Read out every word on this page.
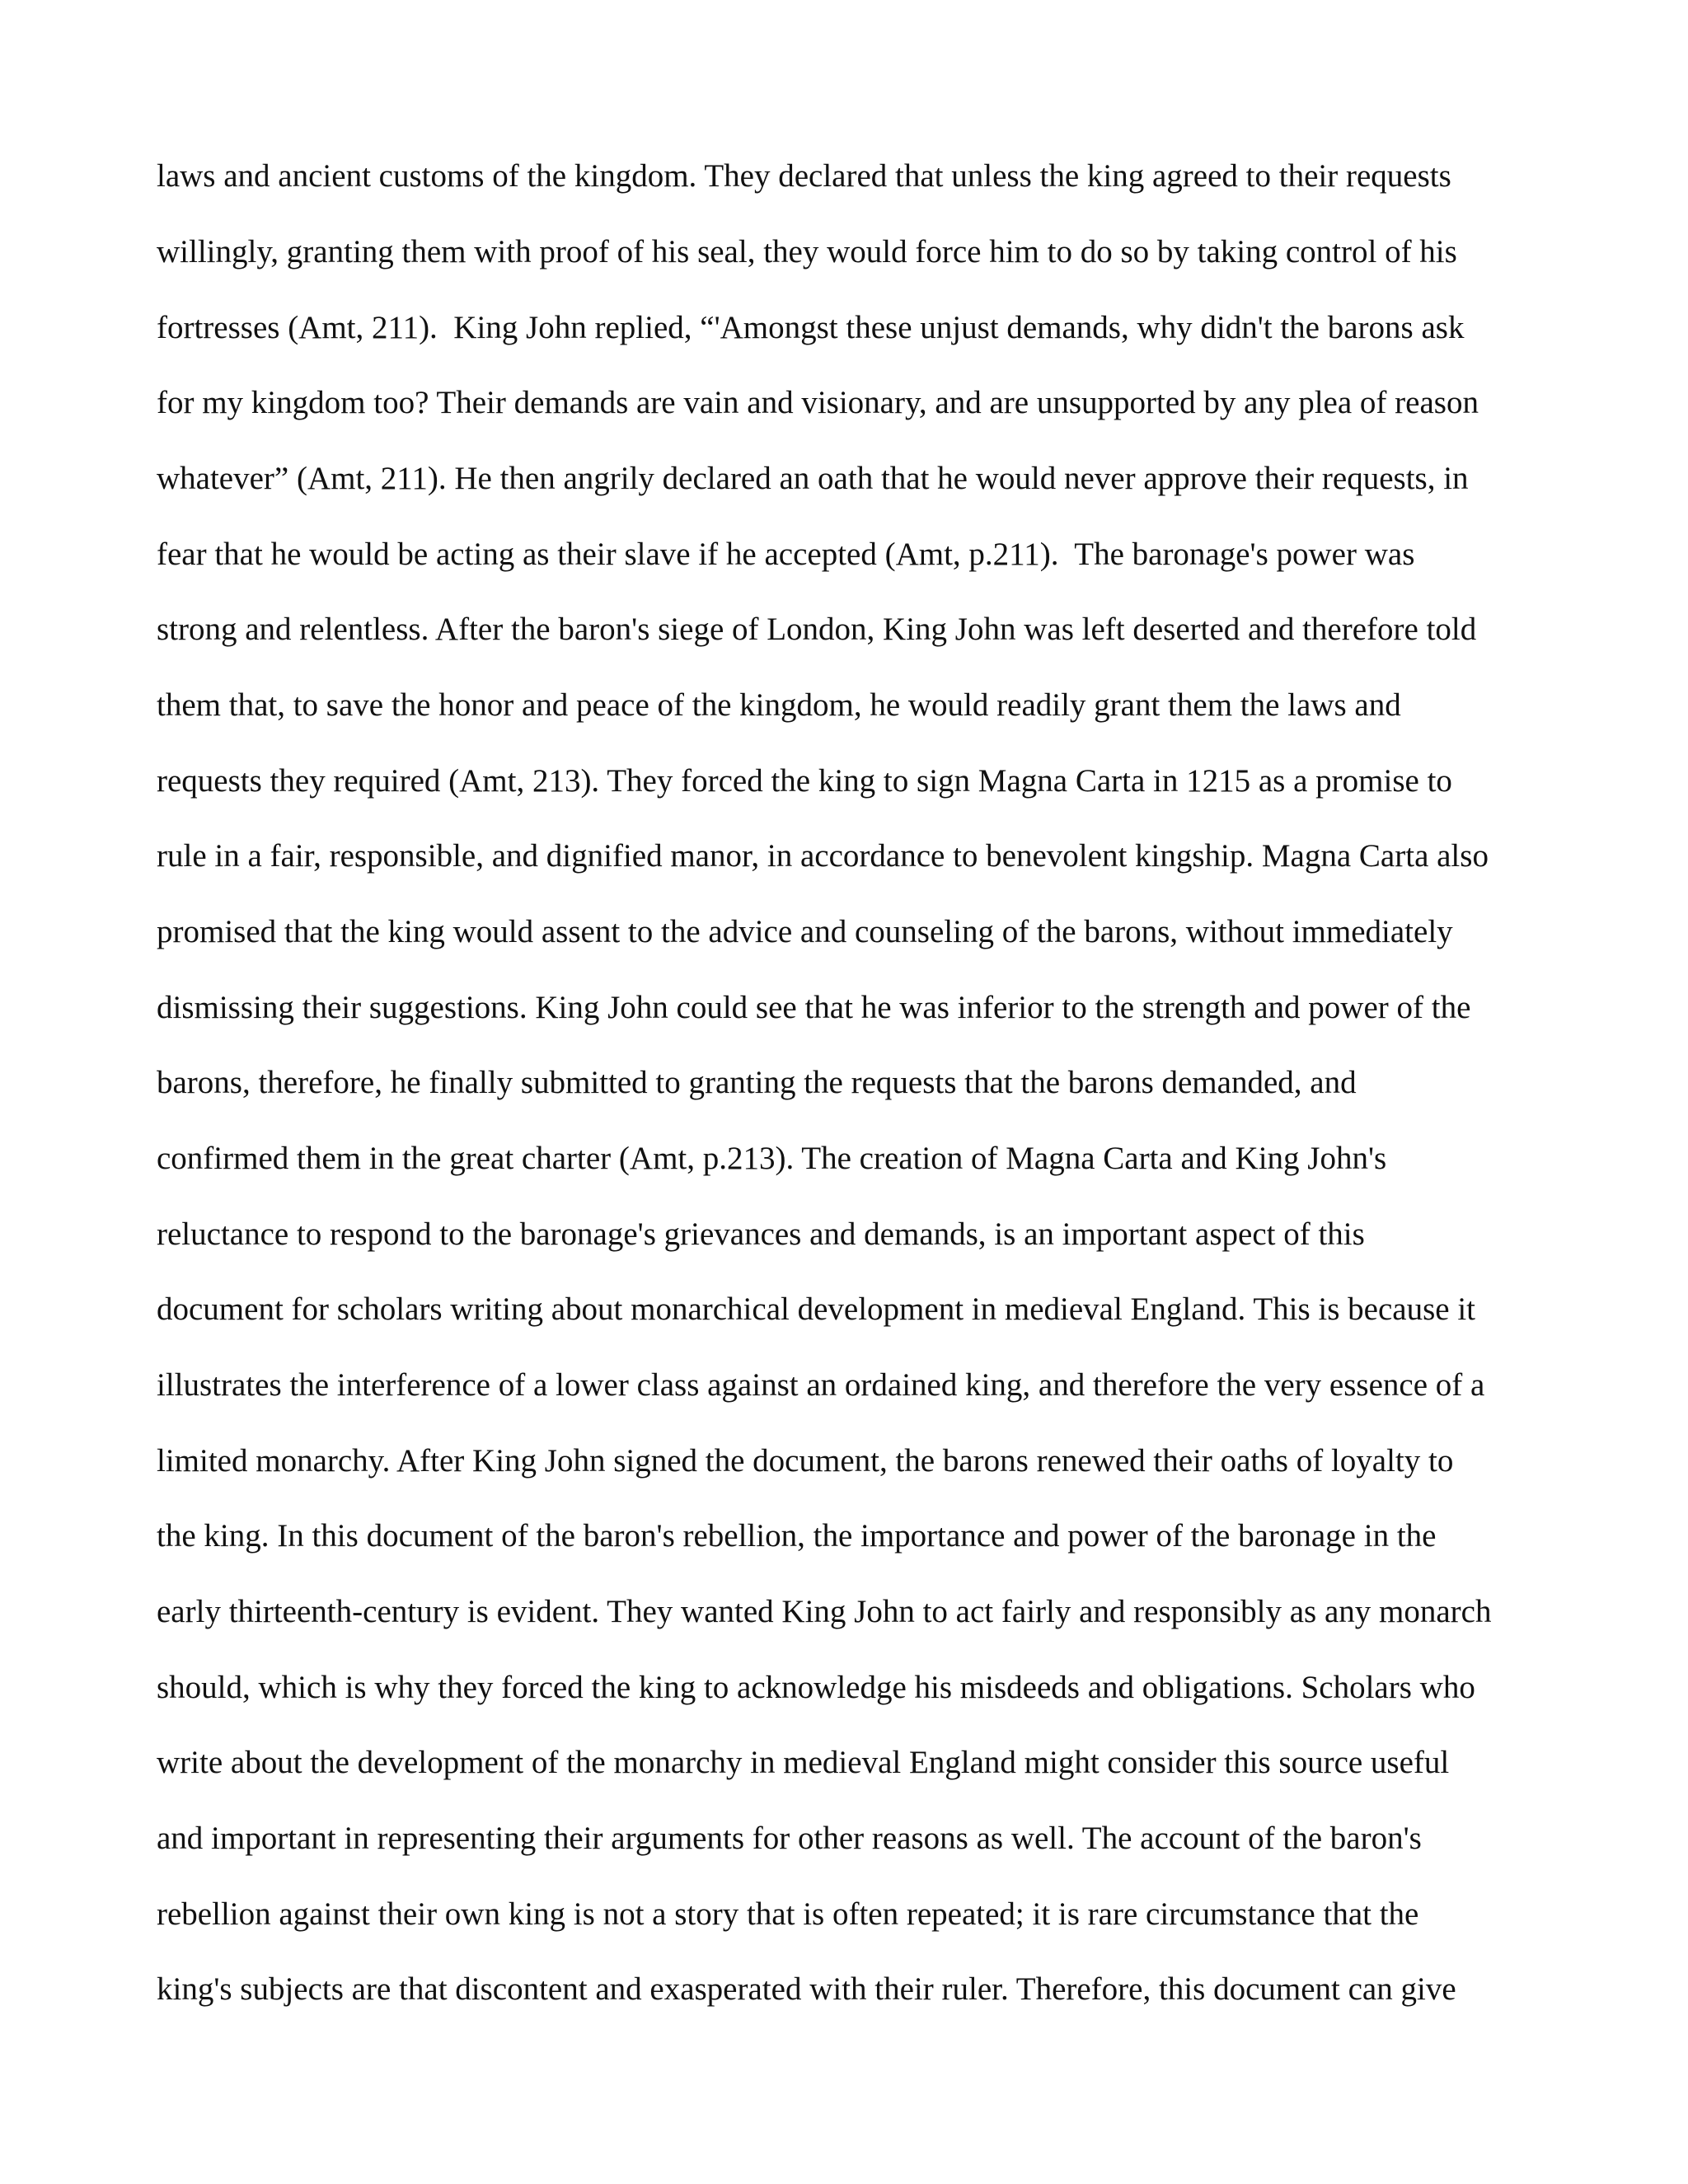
laws and ancient customs of the kingdom. They declared that unless the king agreed to their requests
willingly, granting them with proof of his seal, they would force him to do so by taking control of his
fortresses (Amt, 211).  King John replied, “'Amongst these unjust demands, why didn't the barons ask
for my kingdom too? Their demands are vain and visionary, and are unsupported by any plea of reason
whatever” (Amt, 211). He then angrily declared an oath that he would never approve their requests, in
fear that he would be acting as their slave if he accepted (Amt, p.211).  The baronage's power was
strong and relentless. After the baron's siege of London, King John was left deserted and therefore told
them that, to save the honor and peace of the kingdom, he would readily grant them the laws and
requests they required (Amt, 213). They forced the king to sign Magna Carta in 1215 as a promise to
rule in a fair, responsible, and dignified manor, in accordance to benevolent kingship. Magna Carta also
promised that the king would assent to the advice and counseling of the barons, without immediately
dismissing their suggestions. King John could see that he was inferior to the strength and power of the
barons, therefore, he finally submitted to granting the requests that the barons demanded, and
confirmed them in the great charter (Amt, p.213). The creation of Magna Carta and King John's
reluctance to respond to the baronage's grievances and demands, is an important aspect of this
document for scholars writing about monarchical development in medieval England. This is because it
illustrates the interference of a lower class against an ordained king, and therefore the very essence of a
limited monarchy. After King John signed the document, the barons renewed their oaths of loyalty to
the king. In this document of the baron's rebellion, the importance and power of the baronage in the
early thirteenth-century is evident. They wanted King John to act fairly and responsibly as any monarch
should, which is why they forced the king to acknowledge his misdeeds and obligations. Scholars who
write about the development of the monarchy in medieval England might consider this source useful
and important in representing their arguments for other reasons as well. The account of the baron's
rebellion against their own king is not a story that is often repeated; it is rare circumstance that the
king's subjects are that discontent and exasperated with their ruler. Therefore, this document can give
